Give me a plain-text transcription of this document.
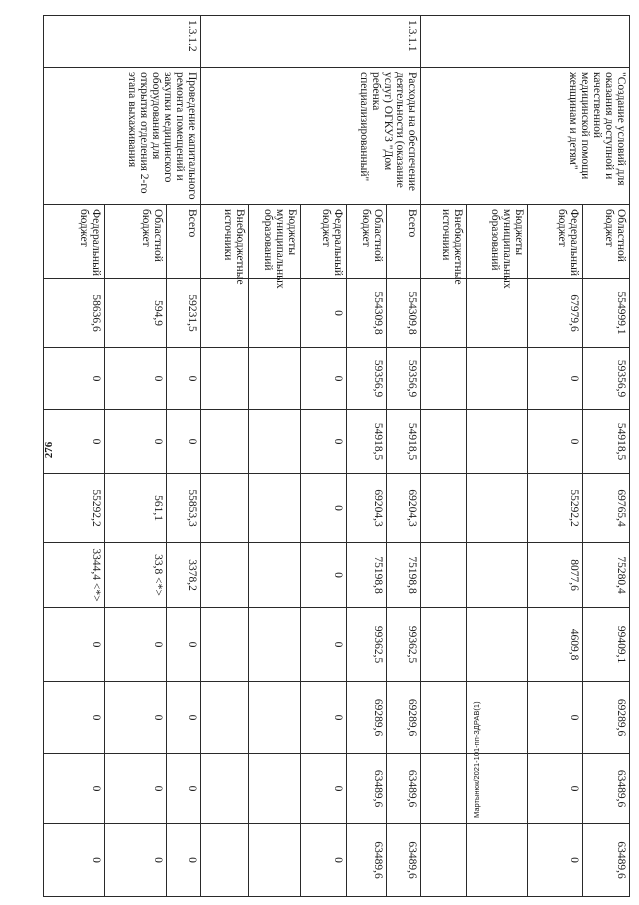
276
Мартынюк/2021-101-пп-ЗДРАВ(1)
	"Создание условий для оказания доступной и качественной медицинской помощи женщинам и детям"	Областной бюджет	554999,1	59356,9	54918,5	69765,4	75280,4	99409,1	69289,6	63489,6	63489,6
		Федеральный бюджет	67979,6	0	0	55292,2	8077,6	4609,8	0	0	0
		Бюджеты муниципальных образований									
		Внебюджетные источники									
1.3.1.1	Расходы на обеспечение деятельности (оказание услуг) ОГКУЗ "Дом ребенка специализированный"	Всего	554309,8	59356,9	54918,5	69204,3	75198,8	99362,5	69289,6	63489,6	63489,6
		Областной бюджет	554309,8	59356,9	54918,5	69204,3	75198,8	99362,5	69289,6	63489,6	63489,6
		Федеральный бюджет	0	0	0	0	0	0	0	0	0
		Бюджеты муниципальных образований									
		Внебюджетные источники									
1.3.1.2	Проведение капитального ремонта помещений и закупки медицинского оборудования для открытия отделения 2-го этапа выхаживания	Всего	59231,5	0	0	55853,3	3378,2	0	0	0	0
		Областной бюджет	594,9	0	0	561,1	33,8 <*>	0	0	0	0
		Федеральный бюджет	58636,6	0	0	55292,2	3344,4 <*>	0	0	0	0
